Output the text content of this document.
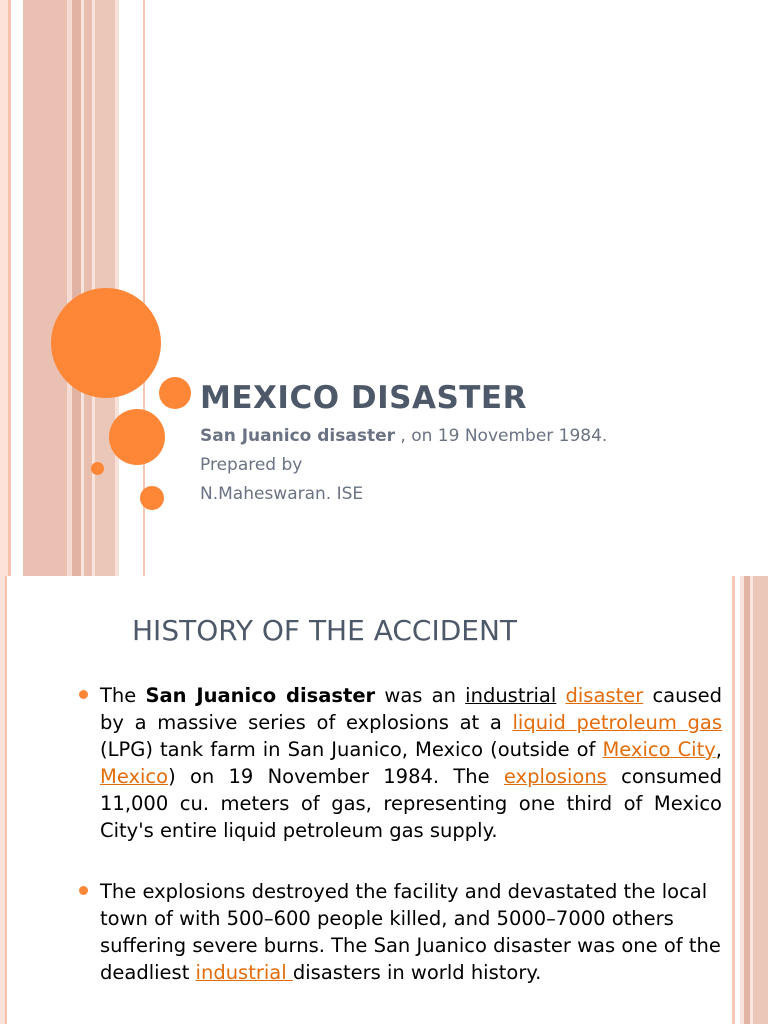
MEXICO DISASTER

San Juanico disaster , on 19 November 1984.

Prepared by

N.Maheswaran. ISE

HISTORY OF THE ACCIDENT
The San Juanico disaster was an industrial disaster caused by a massive series of explosions at a liquid petroleum gas (LPG) tank farm in San Juanico, Mexico (outside of Mexico City, Mexico) on 19 November 1984. The explosions consumed 11,000 cu. meters of gas, representing one third of Mexico City's entire liquid petroleum gas supply.
The explosions destroyed the facility and devastated the local town of with 500–600 people killed, and 5000–7000 others suffering severe burns. The San Juanico disaster was one of the deadliest industrial disasters in world history.
